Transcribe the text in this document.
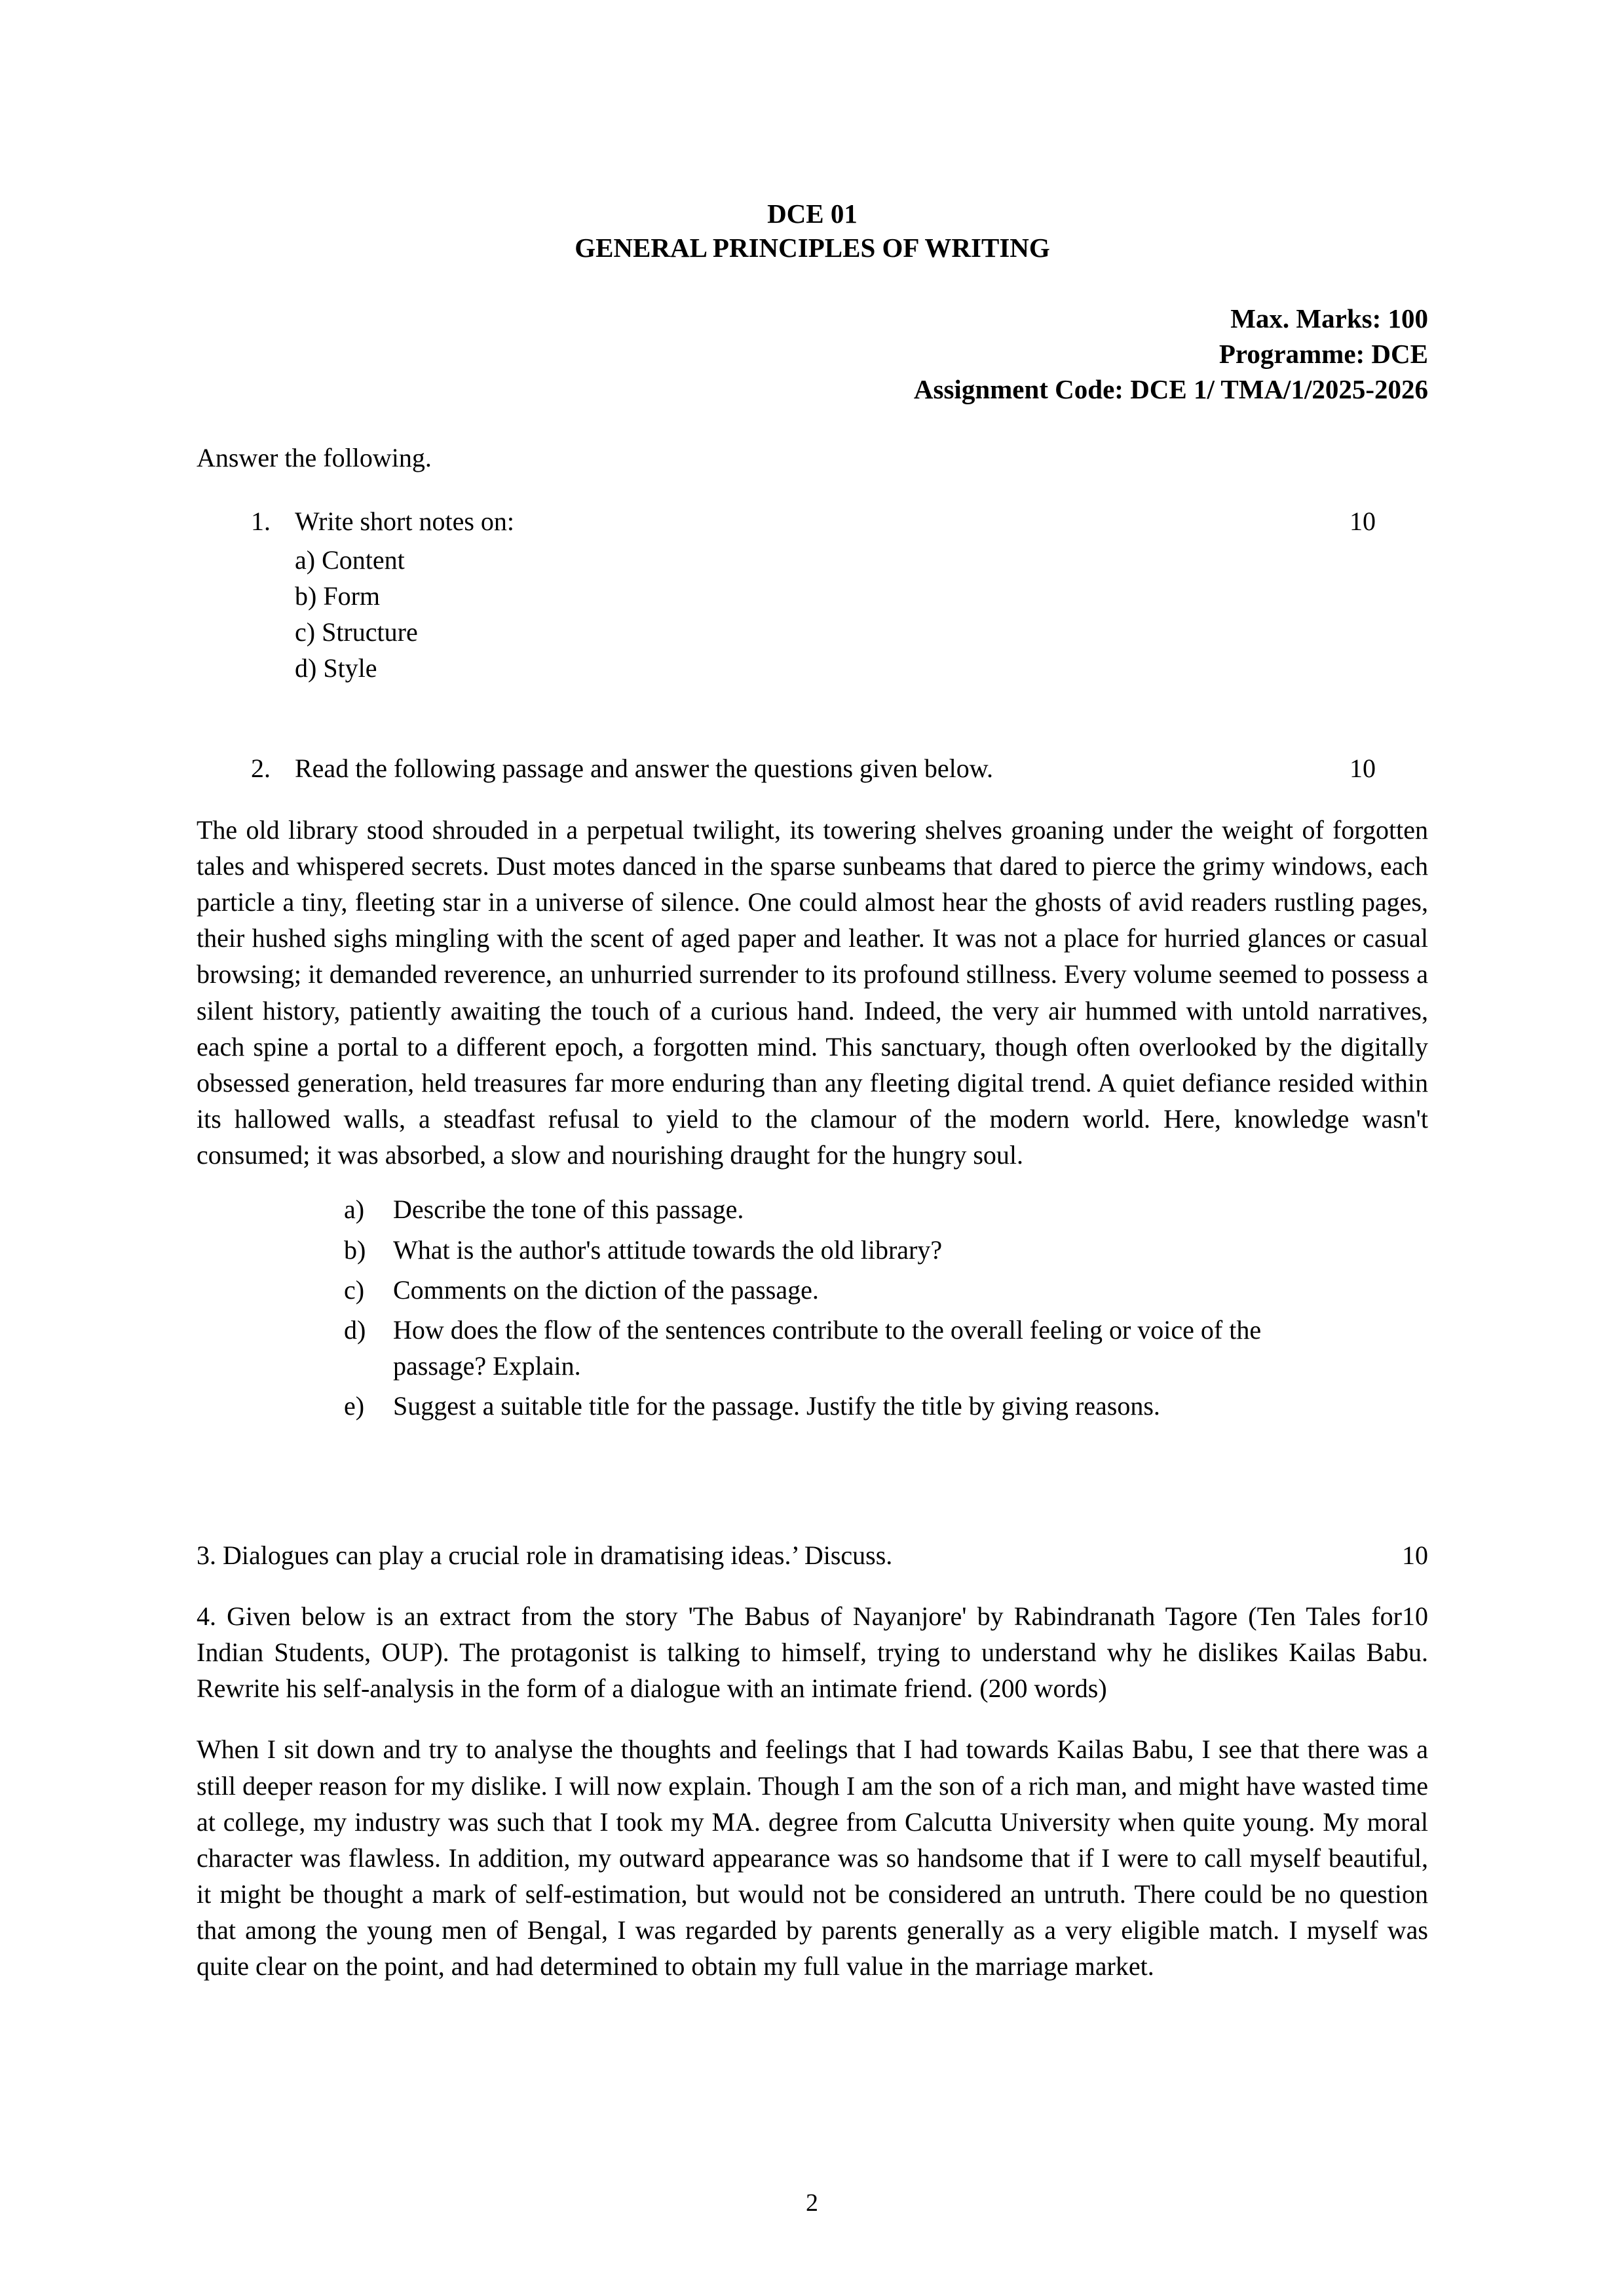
DCE 01
GENERAL PRINCIPLES OF WRITING
Max. Marks: 100
Programme: DCE
Assignment Code: DCE 1/ TMA/1/2025-2026
Answer the following.
1. Write short notes on:	10
a) Content
b) Form
c) Structure
d) Style
2. Read the following passage and answer the questions given below.	10
The old library stood shrouded in a perpetual twilight, its towering shelves groaning under the weight of forgotten tales and whispered secrets. Dust motes danced in the sparse sunbeams that dared to pierce the grimy windows, each particle a tiny, fleeting star in a universe of silence. One could almost hear the ghosts of avid readers rustling pages, their hushed sighs mingling with the scent of aged paper and leather. It was not a place for hurried glances or casual browsing; it demanded reverence, an unhurried surrender to its profound stillness. Every volume seemed to possess a silent history, patiently awaiting the touch of a curious hand. Indeed, the very air hummed with untold narratives, each spine a portal to a different epoch, a forgotten mind. This sanctuary, though often overlooked by the digitally obsessed generation, held treasures far more enduring than any fleeting digital trend. A quiet defiance resided within its hallowed walls, a steadfast refusal to yield to the clamour of the modern world. Here, knowledge wasn't consumed; it was absorbed, a slow and nourishing draught for the hungry soul.
a)	Describe the tone of this passage.
b)	What is the author's attitude towards the old library?
c)	Comments on the diction of the passage.
d)	How does the flow of the sentences contribute to the overall feeling or voice of the passage? Explain.
e)	Suggest a suitable title for the passage. Justify the title by giving reasons.
10
3. Dialogues can play a crucial role in dramatising ideas.’ Discuss.
10
4. Given below is an extract from the story 'The Babus of Nayanjore' by Rabindranath Tagore (Ten Tales for Indian Students, OUP). The protagonist is talking to himself, trying to understand why he dislikes Kailas Babu. Rewrite his self-analysis in the form of a dialogue with an intimate friend. (200 words)
When I sit down and try to analyse the thoughts and feelings that I had towards Kailas Babu, I see that there was a still deeper reason for my dislike. I will now explain. Though I am the son of a rich man, and might have wasted time at college, my industry was such that I took my MA. degree from Calcutta University when quite young. My moral character was flawless. In addition, my outward appearance was so handsome that if I were to call myself beautiful, it might be thought a mark of self-estimation, but would not be considered an untruth. There could be no question that among the young men of Bengal, I was regarded by parents generally as a very eligible match. I myself was quite clear on the point, and had determined to obtain my full value in the marriage market.
2
